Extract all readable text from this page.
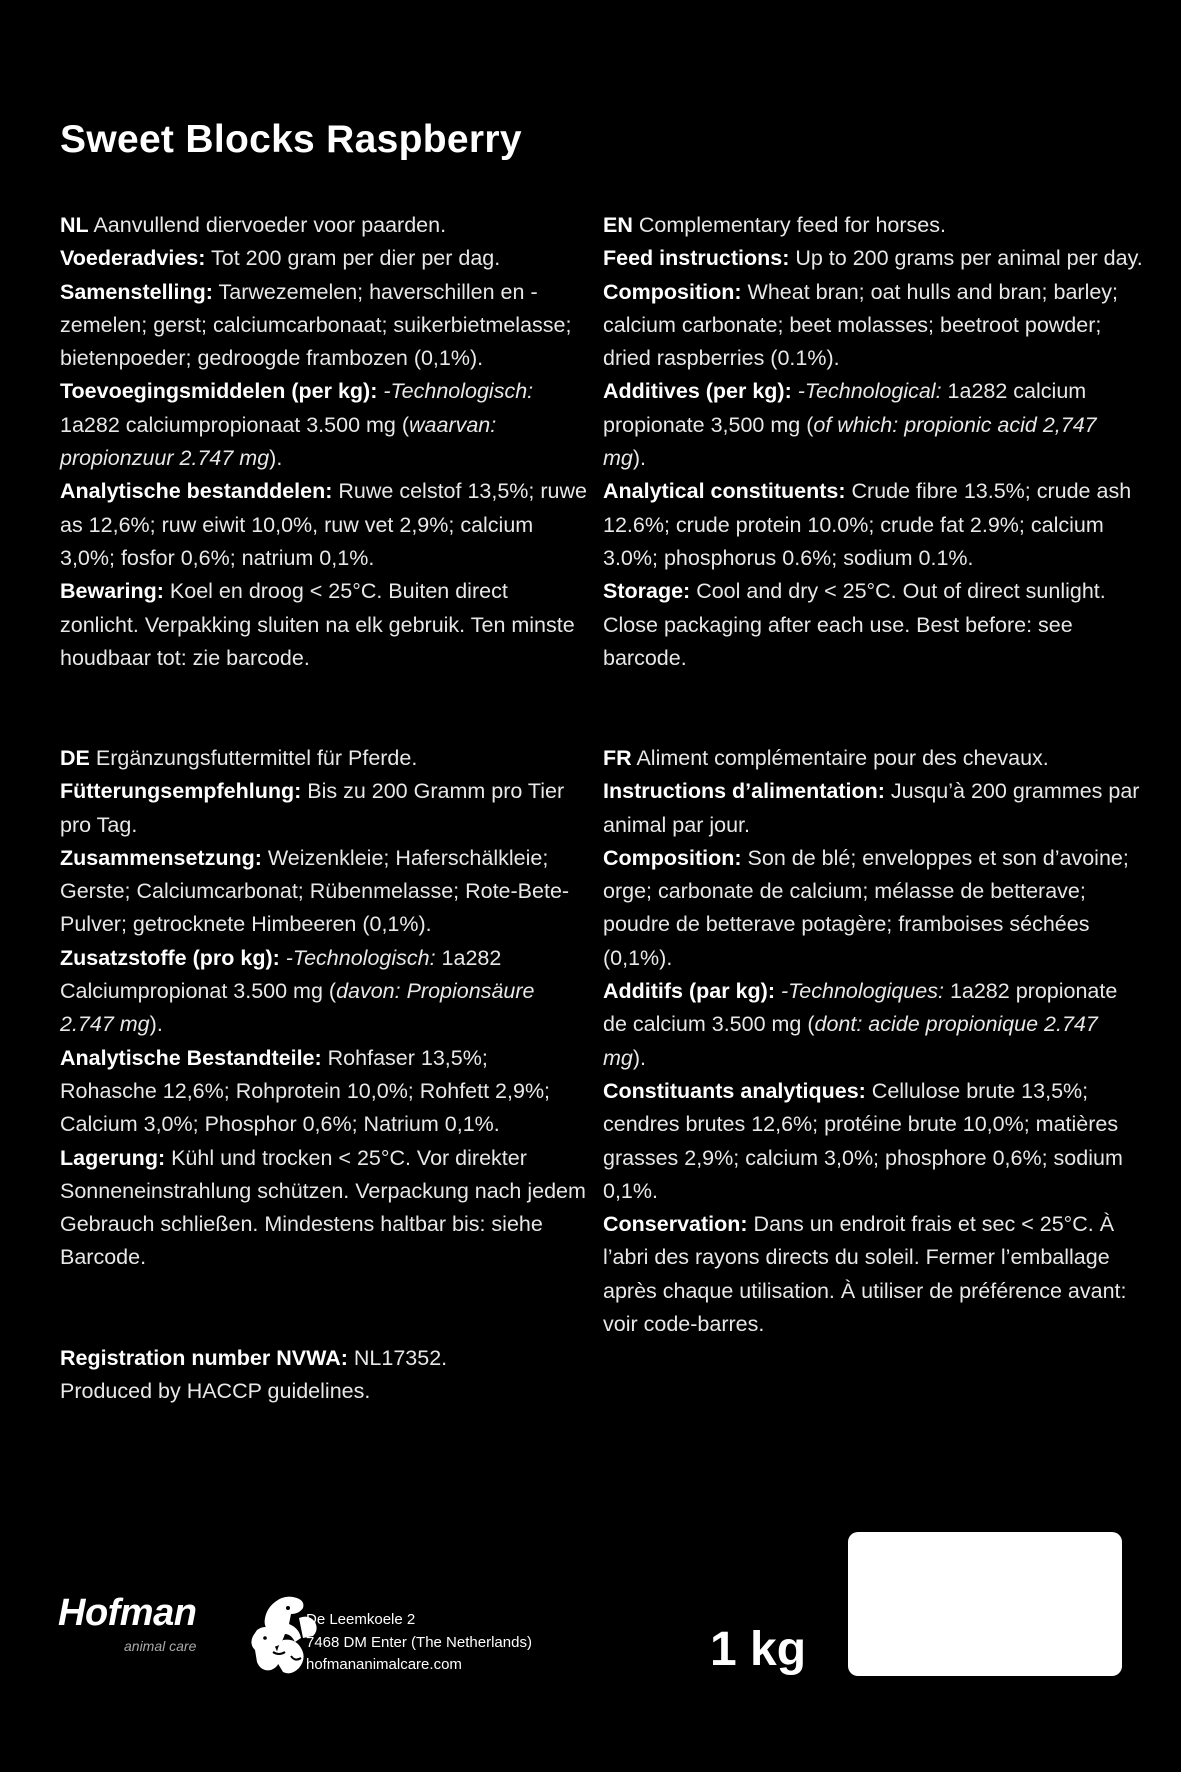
Sweet Blocks Raspberry

NL Aanvullend diervoeder voor paarden.

Voederadvies: Tot 200 gram per dier per dag.

Samenstelling: Tarwezemelen; haverschillen en -zemelen; gerst; calciumcarbonaat; suikerbietmelasse; bietenpoeder; gedroogde frambozen (0,1%).

Toevoegingsmiddelen (per kg): -Technologisch: 1a282 calciumpropionaat 3.500 mg (waarvan: propionzuur 2.747 mg).

Analytische bestanddelen: Ruwe celstof 13,5%; ruwe as 12,6%; ruw eiwit 10,0%, ruw vet 2,9%; calcium 3,0%; fosfor 0,6%; natrium 0,1%.

Bewaring: Koel en droog < 25°C. Buiten direct zonlicht. Verpakking sluiten na elk gebruik. Ten minste houdbaar tot: zie barcode.

EN Complementary feed for horses.

Feed instructions: Up to 200 grams per animal per day.

Composition: Wheat bran; oat hulls and bran; barley; calcium carbonate; beet molasses; beetroot powder; dried raspberries (0.1%).

Additives (per kg): -Technological: 1a282 calcium propionate 3,500 mg (of which: propionic acid 2,747 mg).

Analytical constituents: Crude fibre 13.5%; crude ash 12.6%; crude protein 10.0%; crude fat 2.9%; calcium 3.0%; phosphorus 0.6%; sodium 0.1%.

Storage: Cool and dry < 25°C. Out of direct sunlight. Close packaging after each use. Best before: see barcode.

DE Ergänzungsfuttermittel für Pferde.

Fütterungsempfehlung: Bis zu 200 Gramm pro Tier pro Tag.

Zusammensetzung: Weizenkleie; Haferschälkleie; Gerste; Calciumcarbonat; Rübenmelasse; Rote-Bete-Pulver; getrocknete Himbeeren (0,1%).

Zusatzstoffe (pro kg): -Technologisch: 1a282 Calciumpropionat 3.500 mg (davon: Propionsäure 2.747 mg).

Analytische Bestandteile: Rohfaser 13,5%; Rohasche 12,6%; Rohprotein 10,0%; Rohfett 2,9%; Calcium 3,0%; Phosphor 0,6%; Natrium 0,1%.

Lagerung: Kühl und trocken < 25°C. Vor direkter Sonneneinstrahlung schützen. Verpackung nach jedem Gebrauch schließen. Mindestens haltbar bis: siehe Barcode.

FR Aliment complémentaire pour des chevaux.

Instructions d’alimentation: Jusqu’à 200 grammes par animal par jour.

Composition: Son de blé; enveloppes et son d’avoine; orge; carbonate de calcium; mélasse de betterave; poudre de betterave potagère; framboises séchées (0,1%).

Additifs (par kg): -Technologiques: 1a282 propionate de calcium 3.500 mg (dont: acide propionique 2.747 mg).

Constituants analytiques: Cellulose brute 13,5%; cendres brutes 12,6%; protéine brute 10,0%; matières grasses 2,9%; calcium 3,0%; phosphore 0,6%; sodium 0,1%.

Conservation: Dans un endroit frais et sec < 25°C. À l’abri des rayons directs du soleil. Fermer l’emballage après chaque utilisation. À utiliser de préférence avant: voir code-barres.

Registration number NVWA: NL17352.

Produced by HACCP guidelines.

Hofman
animal care
De Leemkoele 2
7468 DM Enter (The Netherlands)
hofmananimalcare.com	1 kg
